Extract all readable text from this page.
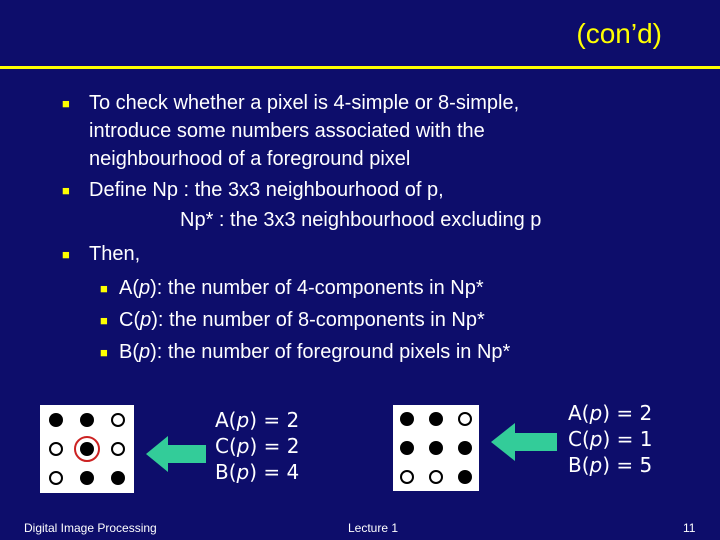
(con’d)
■ To check whether a pixel is 4-simple or 8-simple,
introduce some numbers associated with the
neighbourhood of a foreground pixel
■ Define Np : the 3x3 neighbourhood of p,
Np* : the 3x3 neighbourhood excluding p
■ Then,
■ A(p): the number of 4-components in Np*
■ C(p): the number of 8-components in Np*
■ B(p): the number of foreground pixels in Np*
A(p) = 2
C(p) = 2
B(p) = 4
A(p) = 2
C(p) = 1
B(p) = 5
Digital Image Processing	Lecture 1	11
